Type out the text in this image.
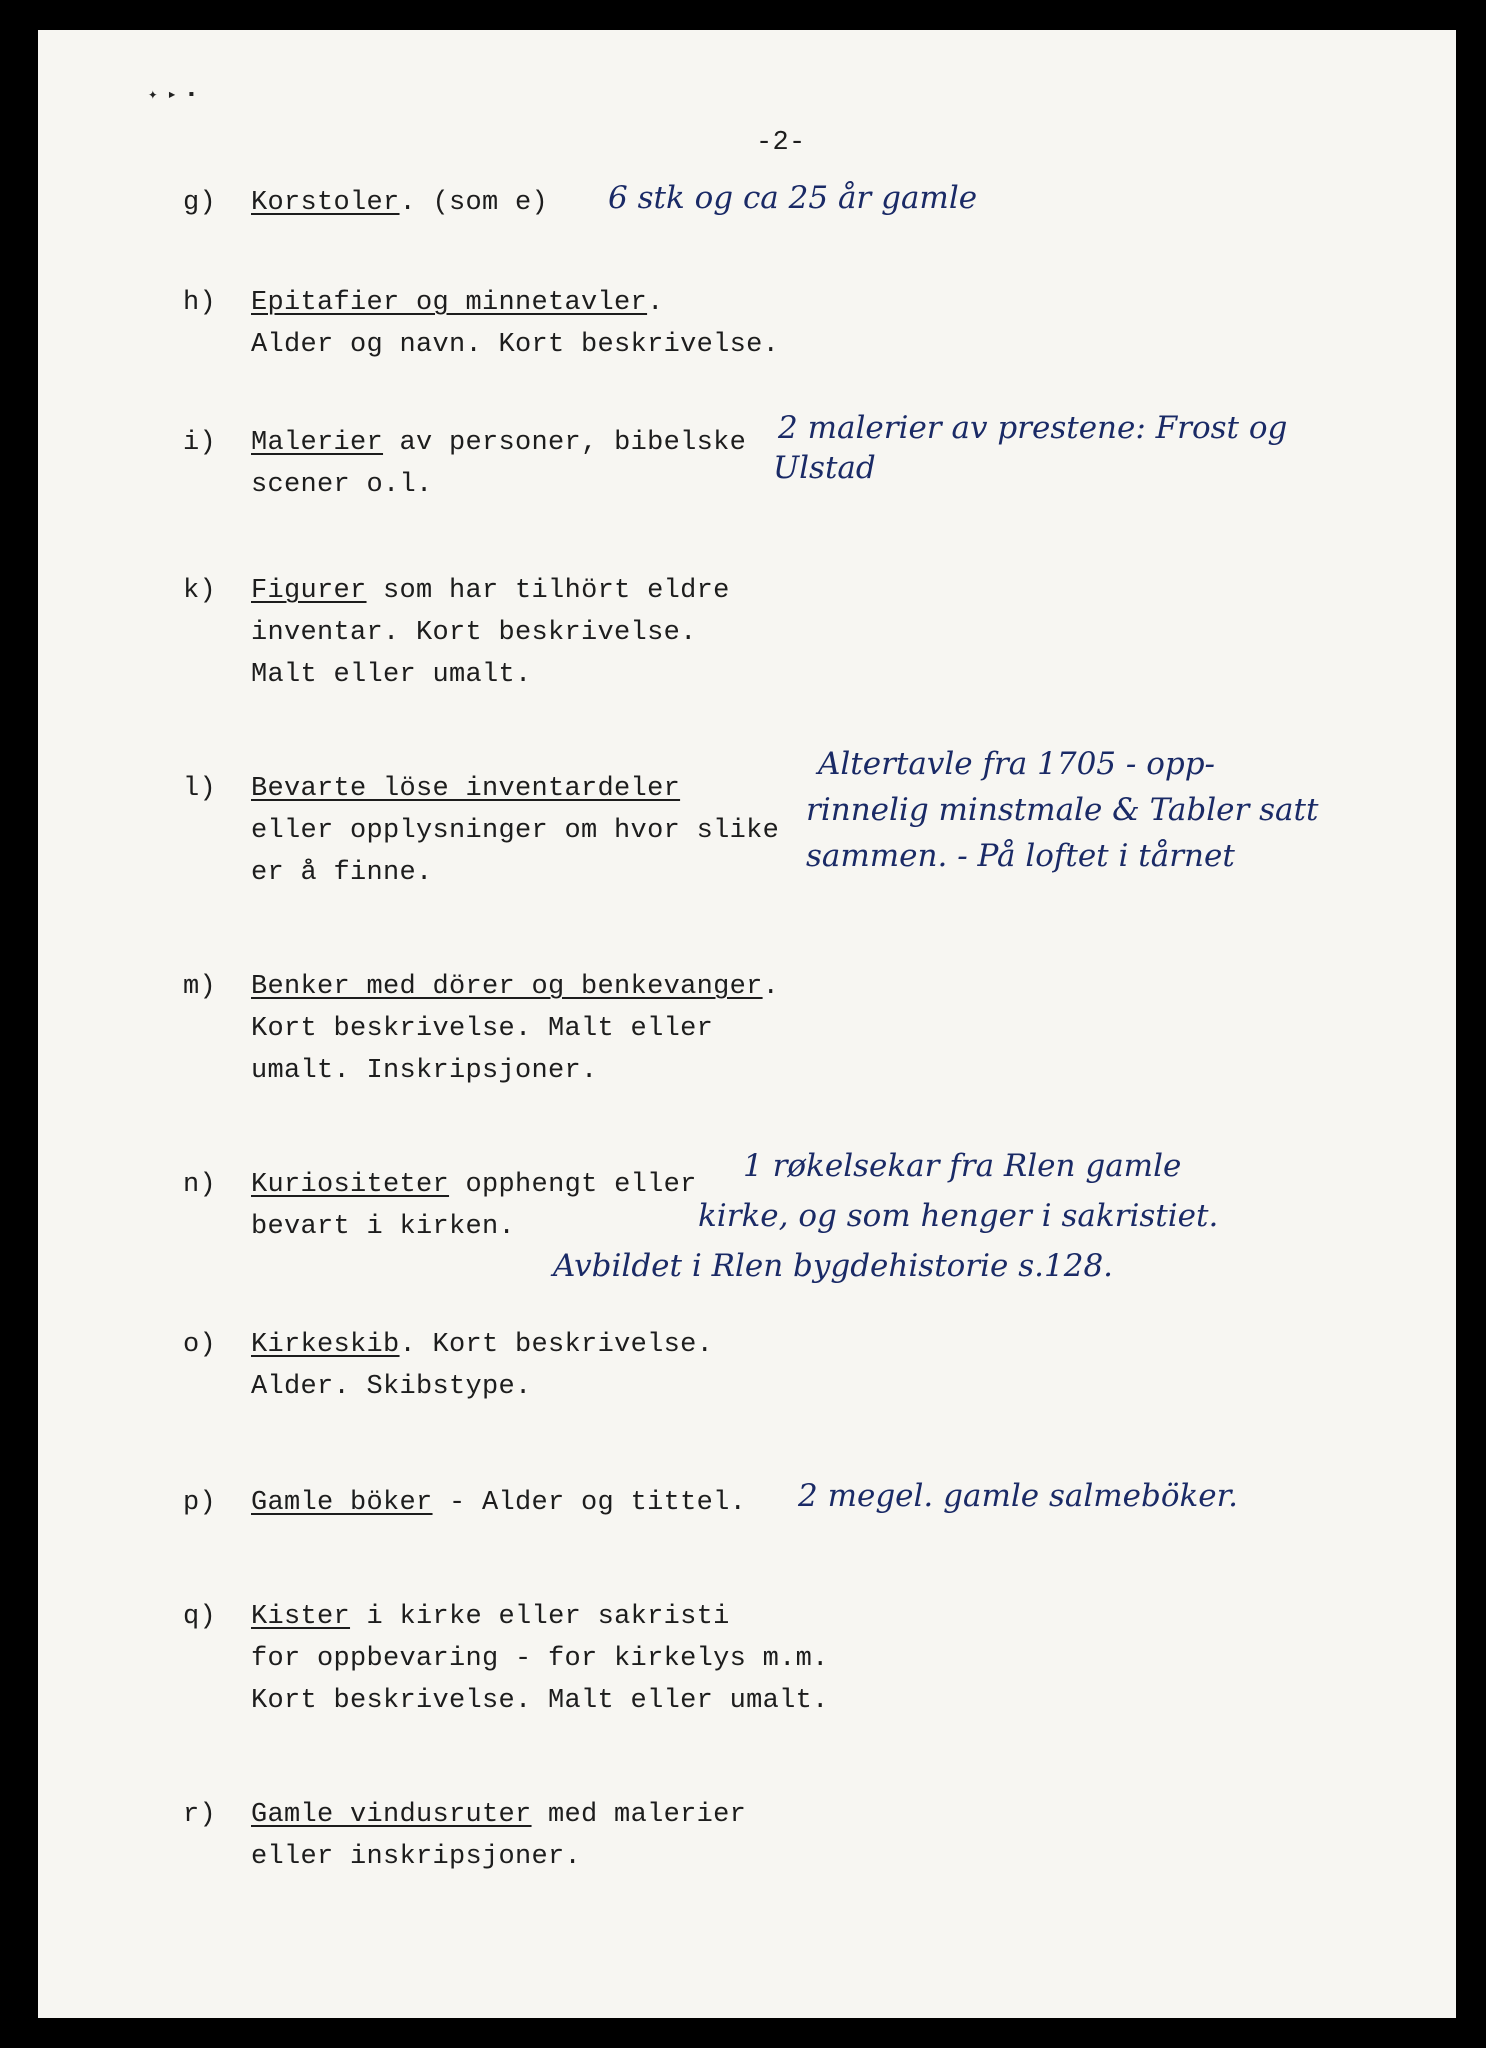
✦ ▸ ▪
-2-
g) Korstoler. (som e) 6 stk og ca 25 år gamle
h) Epitafier og minnetavler.
Alder og navn. Kort beskrivelse.
i) Malerier av personer, bibelske
scener o.l.
2 malerier av prestene: Frost og
Ulstad
k) Figurer som har tilhört eldre
inventar. Kort beskrivelse.
Malt eller umalt.
l) Bevarte löse inventardeler
eller opplysninger om hvor slike
er å finne.
Altertavle fra 1705 - opp-
rinnelig minstmale & Tabler satt
sammen. - På loftet i tårnet
m) Benker med dörer og benkevanger.
Kort beskrivelse. Malt eller
umalt. Inskripsjoner.
n) Kuriositeter opphengt eller
bevart i kirken.
1 røkelsekar fra Rlen gamle
kirke, og som henger i sakristiet.
Avbildet i Rlen bygdehistorie s.128.
o) Kirkeskib. Kort beskrivelse.
Alder. Skibstype.
p) Gamle böker - Alder og tittel. 2 megel. gamle salmeböker.
q) Kister i kirke eller sakristi
for oppbevaring - for kirkelys m.m.
Kort beskrivelse. Malt eller umalt.
r) Gamle vindusruter med malerier
eller inskripsjoner.
